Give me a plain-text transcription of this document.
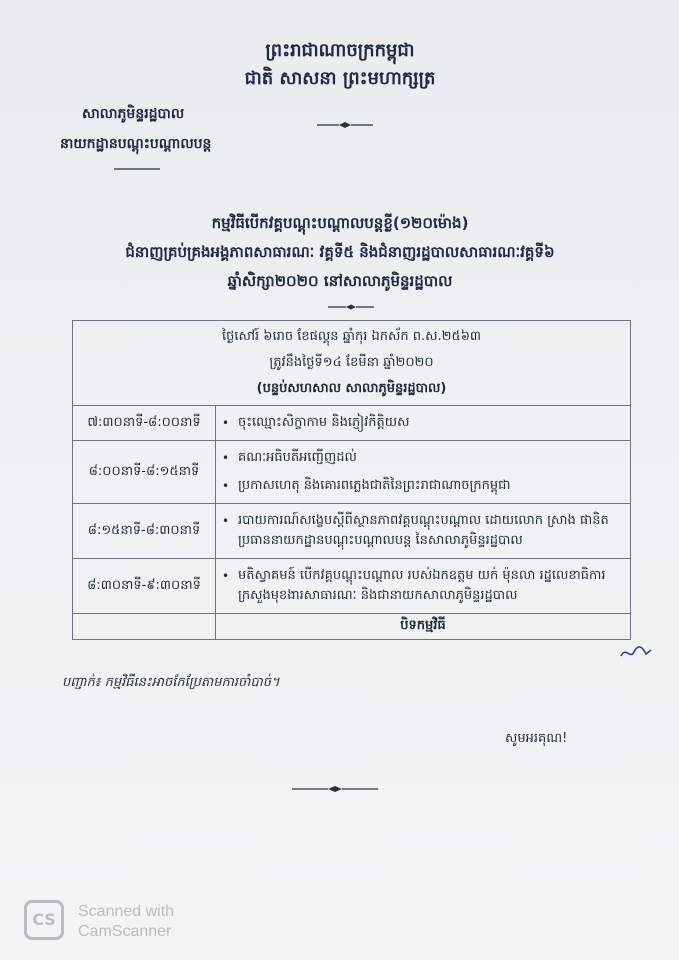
ព្រះរាជាណាចក្រកម្ពុជា
ជាតិ សាសនា ព្រះមហាក្សត្រ
សាលាភូមិន្ទរដ្ឋបាល
នាយកដ្ឋានបណ្តុះបណ្តាលបន្ត
កម្មវិធីបើកវគ្គបណ្តុះបណ្តាលបន្តខ្លី(១២០ម៉ោង)
ជំនាញគ្រប់គ្រងអង្គភាពសាធារណៈ វគ្គទី៥ និងជំនាញរដ្ឋបាលសាធារណៈវគ្គទី៦
ឆ្នាំសិក្សា២០២០ នៅសាលាភូមិន្ទរដ្ឋបាល
ថ្ងៃសៅរ៍ ៦រោច ខែផល្គុន ឆ្នាំកុរ ឯកស័ក ព.ស.២៥៦៣
ត្រូវនឹងថ្ងៃទី១៤ ខែមីនា ឆ្នាំ២០២០
(បន្ទប់សហសាល សាលាភូមិន្ទរដ្ឋបាល)	

៧:៣០នាទី-៨:០០នាទី	• ចុះឈ្មោះសិក្ខាកាម និងភ្ញៀវកិត្តិយស

៨:០០នាទី-៨:១៥នាទី	• គណៈអធិបតីអញ្ជើញដល់
• ប្រកាសហេតុ និងគោរពភ្លេងជាតិនៃព្រះរាជាណាចក្រកម្ពុជា

៨:១៥នាទី-៨:៣០នាទី	• របាយការណ៍សង្ខេបស្តីពីស្ថានភាពវគ្គបណ្តុះបណ្តាល ដោយលោក ស្រាង ផានិត ប្រធាននាយកដ្ឋានបណ្តុះបណ្តាលបន្ត នៃសាលាភូមិន្ទរដ្ឋបាល

៨:៣០នាទី-៩:៣០នាទី	• មតិស្វាគមន៍ បើកវគ្គបណ្តុះបណ្តាល របស់ឯកឧត្តម យក់ ម៉ុនលា រដ្ឋលេខាធិការក្រសួងមុខងារសាធារណៈ និងជានាយកសាលាភូមិន្ទរដ្ឋបាល

	បិទកម្មវិធី
បញ្ជាក់៖ កម្មវិធីនេះអាចកែប្រែតាមការចាំបាច់។
សូមអរគុណ!
CS	Scanned with
CamScanner
